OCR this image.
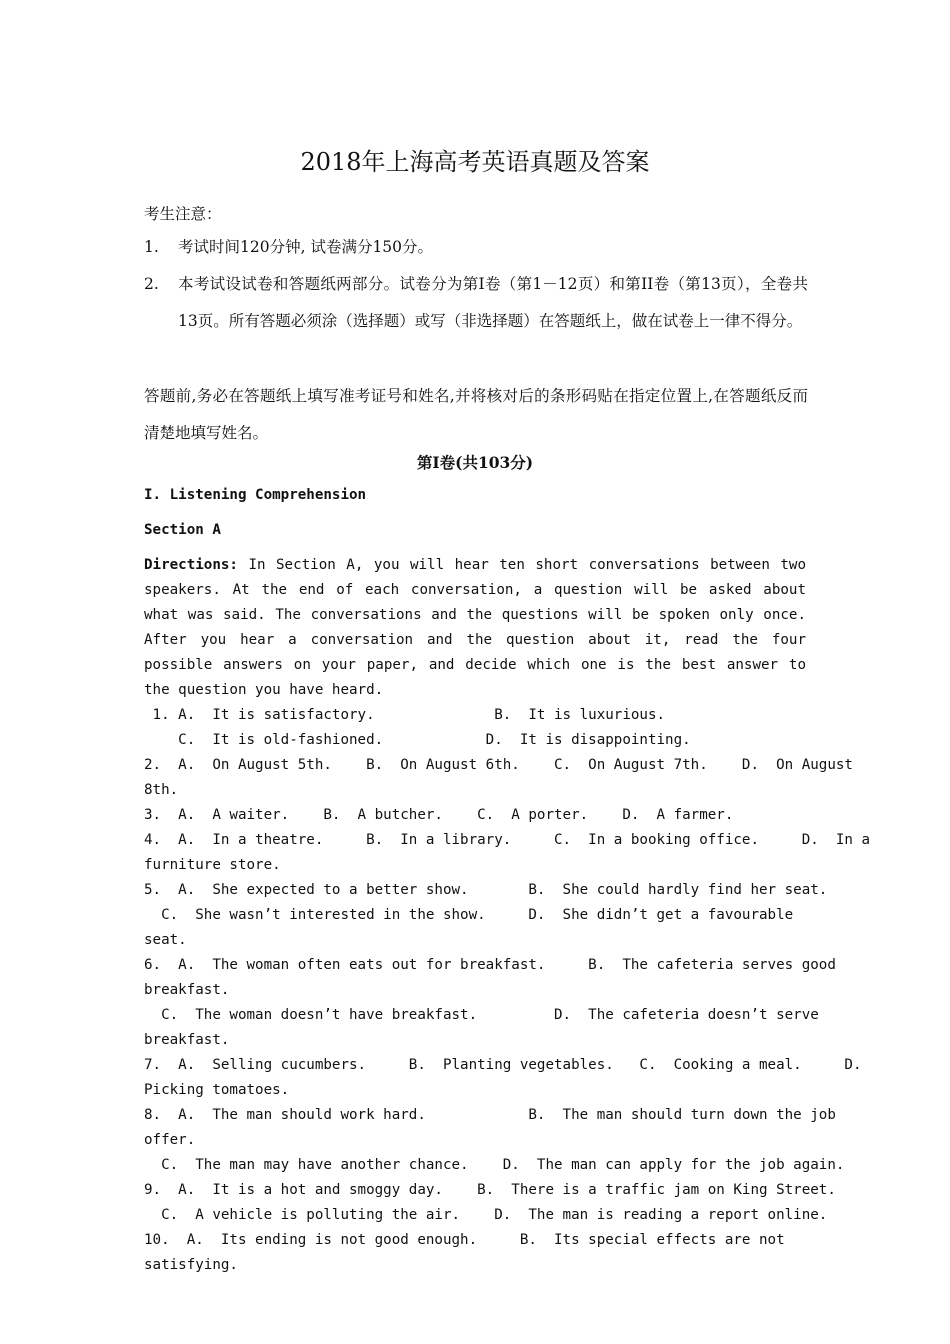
2018年上海高考英语真题及答案
考生注意：
1.	考试时间120分钟, 试卷满分150分。
2.	本考试设试卷和答题纸两部分。试卷分为第I卷（第1－12页）和第II卷（第13页），全卷共13页。所有答题必须涂（选择题）或写（非选择题）在答题纸上，做在试卷上一律不得分。
答题前,务必在答题纸上填写准考证号和姓名,并将核对后的条形码贴在指定位置上,在答题纸反而清楚地填写姓名。
第I卷(共103分)
I. Listening Comprehension
Section A
Directions: In Section A, you will hear ten short conversations between two speakers. At the end of each conversation, a question will be asked about what was said. The conversations and the questions will be spoken only once. After you hear a conversation and the question about it, read the four possible answers on your paper, and decide which one is the best answer to the question you have heard.
1. A.  It is satisfactory.              B.  It is luxurious.
C.  It is old-fashioned.            D.  It is disappointing.
2.  A.  On August 5th.    B.  On August 6th.    C.  On August 7th.    D.  On August
8th.
3.  A.  A waiter.    B.  A butcher.    C.  A porter.    D.  A farmer.
4.  A.  In a theatre.     B.  In a library.     C.  In a booking office.     D.  In a
furniture store.
5.  A.  She expected to a better show.       B.  She could hardly find her seat.
C.  She wasn’t interested in the show.     D.  She didn’t get a favourable
seat.
6.  A.  The woman often eats out for breakfast.     B.  The cafeteria serves good
breakfast.
C.  The woman doesn’t have breakfast.         D.  The cafeteria doesn’t serve
breakfast.
7.  A.  Selling cucumbers.     B.  Planting vegetables.   C.  Cooking a meal.     D.
Picking tomatoes.
8.  A.  The man should work hard.            B.  The man should turn down the job
offer.
C.  The man may have another chance.    D.  The man can apply for the job again.
9.  A.  It is a hot and smoggy day.    B.  There is a traffic jam on King Street.
C.  A vehicle is polluting the air.    D.  The man is reading a report online.
10.  A.  Its ending is not good enough.     B.  Its special effects are not
satisfying.
